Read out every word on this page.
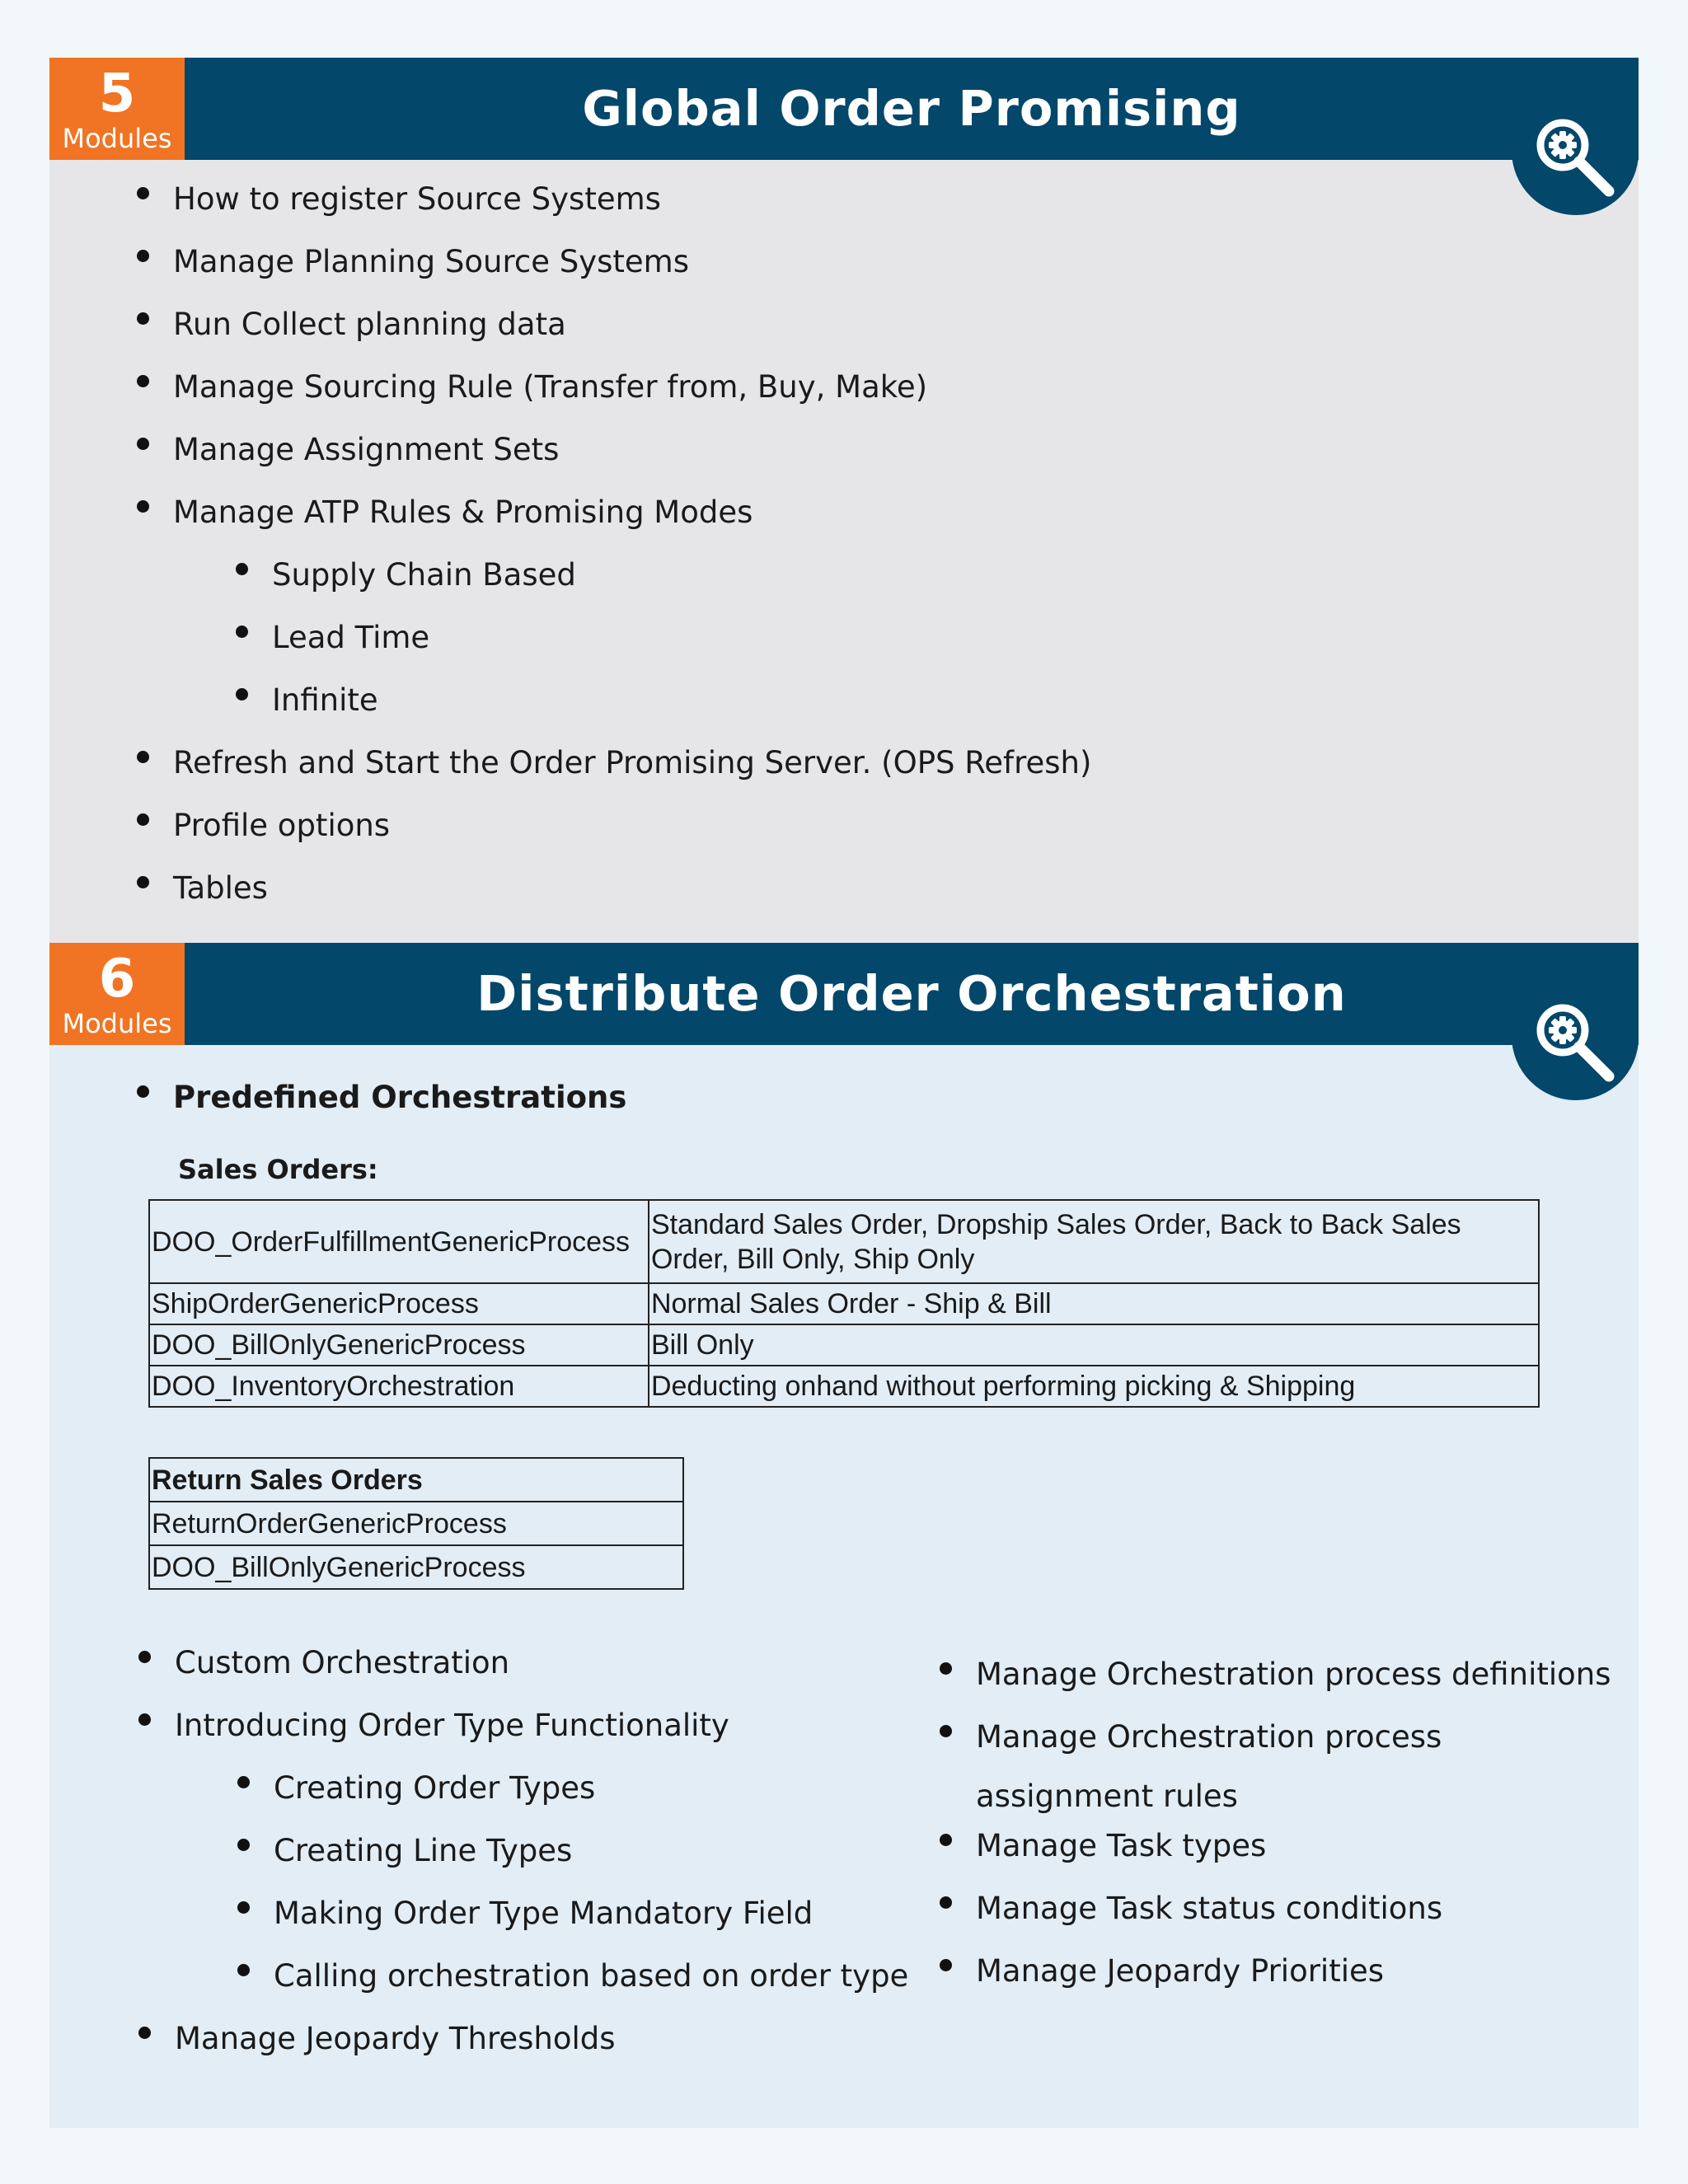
5
Modules
Global Order Promising
How to register Source Systems
Manage Planning Source Systems
Run Collect planning data
Manage Sourcing Rule (Transfer from, Buy, Make)
Manage Assignment Sets
Manage ATP Rules & Promising Modes
Supply Chain Based
Lead Time
Infinite
Refresh and Start the Order Promising Server. (OPS Refresh)
Profile options
Tables
6
Modules
Distribute Order Orchestration
Predefined Orchestrations
Sales Orders:
DOO_OrderFulfillmentGenericProcess	Standard Sales Order, Dropship Sales Order, Back to Back Sales Order, Bill Only, Ship Only
ShipOrderGenericProcess	Normal Sales Order - Ship & Bill
DOO_BillOnlyGenericProcess	Bill Only
DOO_InventoryOrchestration	Deducting onhand without performing picking & Shipping
Return Sales Orders
ReturnOrderGenericProcess
DOO_BillOnlyGenericProcess
Custom Orchestration
Introducing Order Type Functionality
Creating Order Types
Creating Line Types
Making Order Type Mandatory Field
Calling orchestration based on order type
Manage Jeopardy Thresholds
Manage Orchestration process definitions
Manage Orchestration process assignment rules
Manage Task types
Manage Task status conditions
Manage Jeopardy Priorities
